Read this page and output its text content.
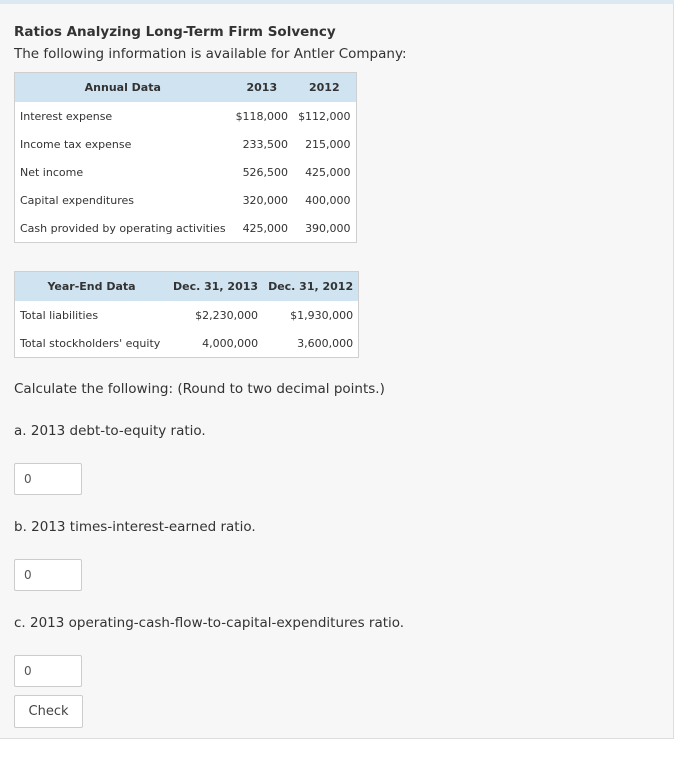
Ratios Analyzing Long-Term Firm Solvency
The following information is available for Antler Company:
Annual Data	2013	2012
Interest expense	$118,000	$112,000
Income tax expense	233,500	215,000
Net income	526,500	425,000
Capital expenditures	320,000	400,000
Cash provided by operating activities	425,000	390,000
Year-End Data	Dec. 31, 2013	Dec. 31, 2012
Total liabilities	$2,230,000	$1,930,000
Total stockholders' equity	4,000,000	3,600,000
Calculate the following: (Round to two decimal points.)
a. 2013 debt-to-equity ratio.
0
b. 2013 times-interest-earned ratio.
0
c. 2013 operating-cash-flow-to-capital-expenditures ratio.
0
Check
